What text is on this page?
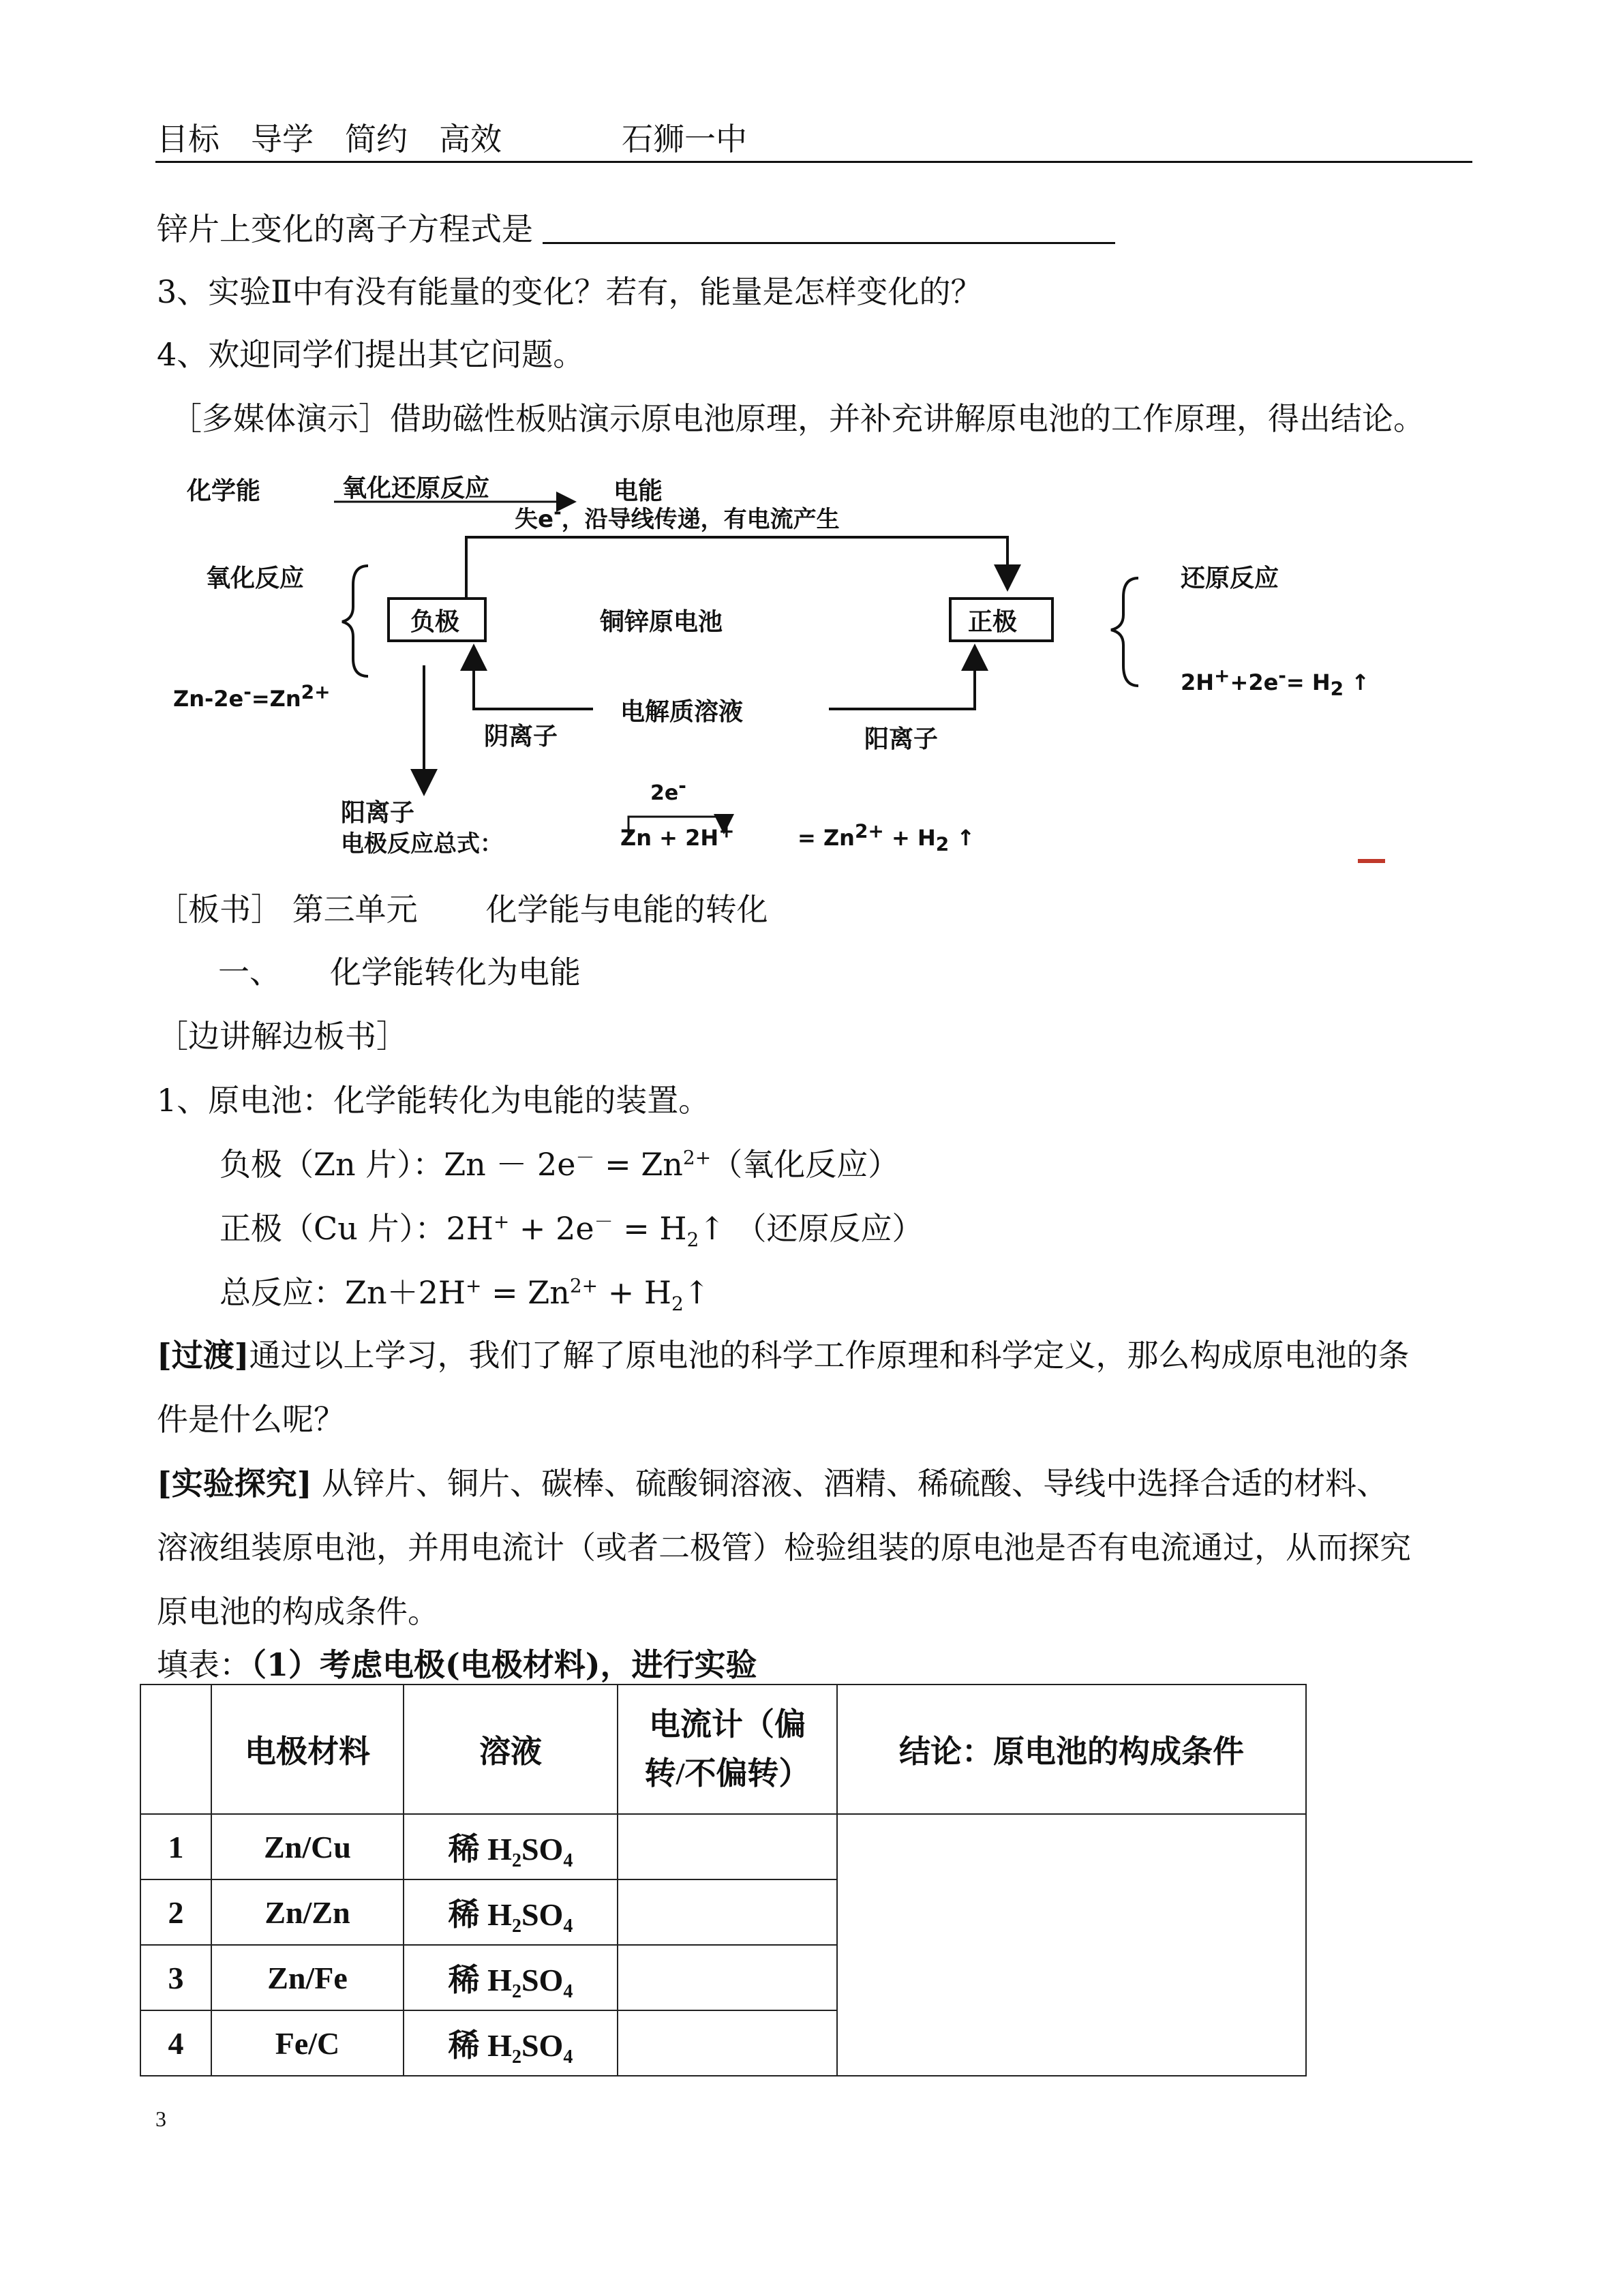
目标 导学 简约 高效	石狮一中
锌片上变化的离子方程式是
3、实验Ⅱ中有没有能量的变化？若有，能量是怎样变化的？
4、欢迎同学们提出其它问题。
［多媒体演示］借助磁性板贴演示原电池原理，并补充讲解原电池的工作原理，得出结论。
化学能	氧化还原反应	电能
失e-，沿导线传递，有电流产生
氧化反应
负极	铜锌原电池	正极
还原反应
$Zn-2e^-=Zn^{2+}$	$2H^++2e^-= H_2$ ↑
电解质溶液
阴离子	阳离子
阳离子
电极反应总式：
2e-
Zn + 2H+	= $Zn^{2+} + H_2$ ↑
［板书］ 第三单元 化学能与电能的转化
一、 化学能转化为电能
［边讲解边板书］
1、原电池：化学能转化为电能的装置。
负极（Zn 片）：$Zn - 2e^- = Zn^{2+}$（氧化反应）
正极（Cu 片）：$2H^+ + 2e^- = H_2↑$ （还原反应）
总反应：$Zn+2H^+ = Zn^{2+}$ + $H_2↑$
[过渡]通过以上学习，我们了解了原电池的科学工作原理和科学定义，那么构成原电池的条
件是什么呢？
[实验探究] 从锌片、铜片、碳棒、硫酸铜溶液、酒精、稀硫酸、导线中选择合适的材料、
溶液组装原电池，并用电流计（或者二极管）检验组装的原电池是否有电流通过，从而探究
原电池的构成条件。
填表：（1）考虑电极(电极材料)，进行实验
	电极材料	溶液	电流计（偏
转/不偏转）	结论：原电池的构成条件
1	Zn/Cu	稀 $H_2SO_4$		
2	Zn/Zn	稀 $H_2SO_4$	
3	Zn/Fe	稀 $H_2SO_4$	
4	Fe/C	稀 $H_2SO_4$	
3
